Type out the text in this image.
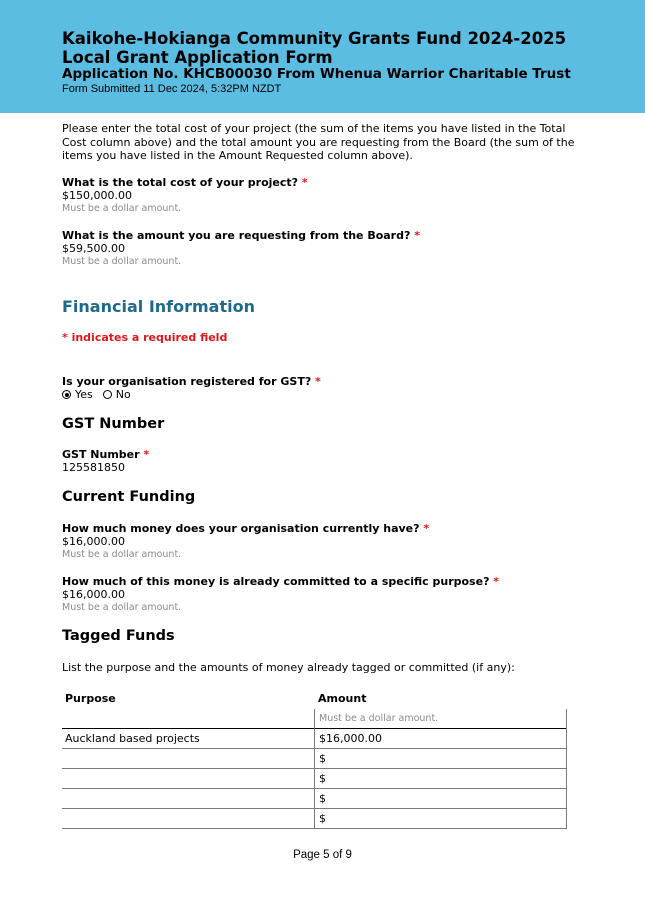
Kaikohe-Hokianga Community Grants Fund 2024-2025
Local Grant Application Form
Application No. KHCB00030 From Whenua Warrior Charitable Trust
Form Submitted 11 Dec 2024, 5:32PM NZDT
Please enter the total cost of your project (the sum of the items you have listed in the Total Cost column above) and the total amount you are requesting from the Board (the sum of the items you have listed in the Amount Requested column above).
What is the total cost of your project? *
$150,000.00
Must be a dollar amount.
What is the amount you are requesting from the Board? *
$59,500.00
Must be a dollar amount.
Financial Information
* indicates a required field
Is your organisation registered for GST? *
Yes No
GST Number
GST Number *
125581850
Current Funding
How much money does your organisation currently have? *
$16,000.00
Must be a dollar amount.
How much of this money is already committed to a specific purpose? *
$16,000.00
Must be a dollar amount.
Tagged Funds
List the purpose and the amounts of money already tagged or committed (if any):
Purpose	Amount
Must be a dollar amount.
Auckland based projects	$16,000.00
$
$
$
$
Page 5 of 9
